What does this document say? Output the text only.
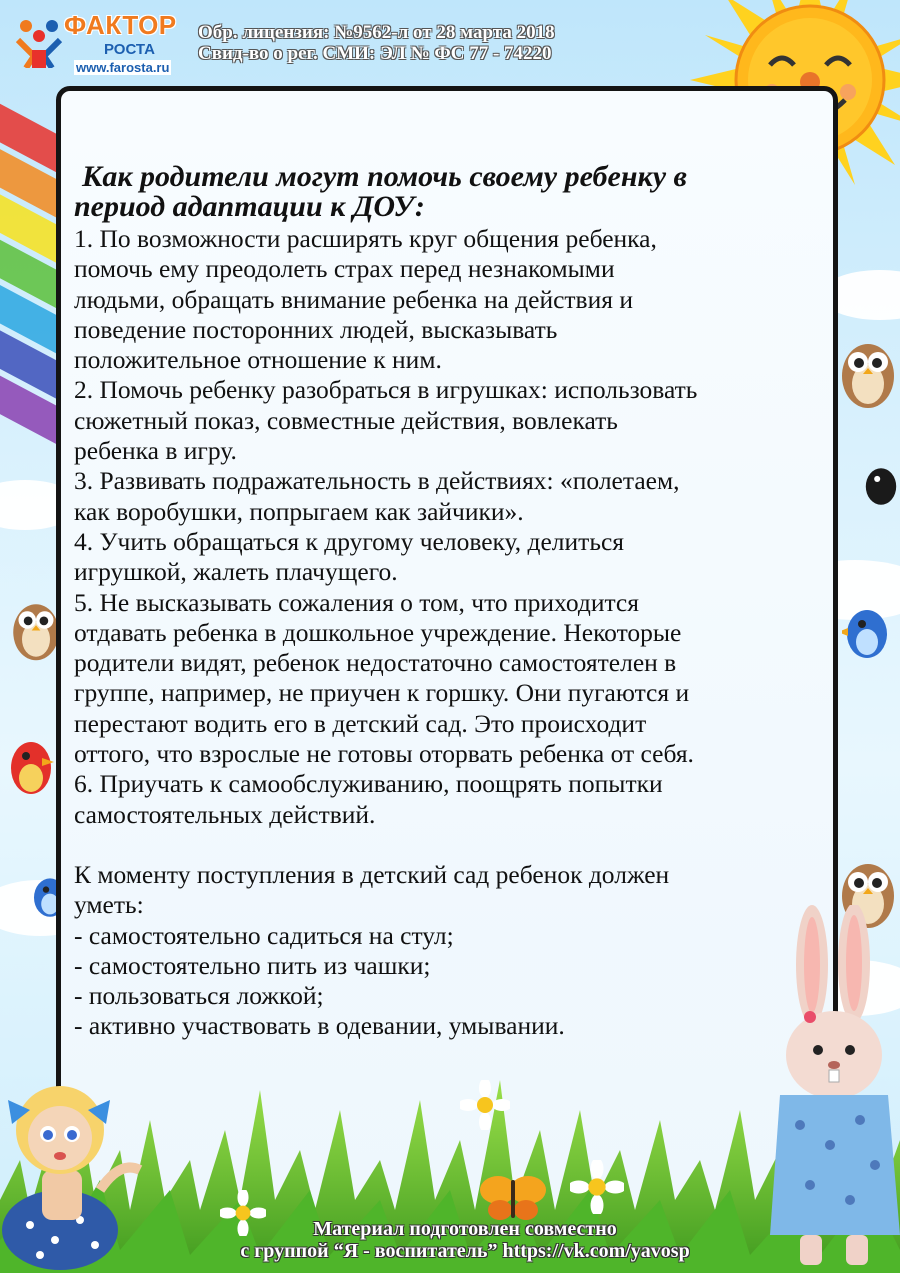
ФАКТОР
РОСТА
www.farosta.ru
Обр. лицензия: №9562-л от 28 марта 2018
Свид-во о рег. СМИ: ЭЛ № ФС 77 - 74220
Как родители могут помочь своему ребенку в
период адаптации к ДОУ:

1. По возможности расширять круг общения ребенка,

помочь ему преодолеть страх перед незнакомыми

людьми, обращать внимание ребенка на действия и

поведение посторонних людей, высказывать

положительное отношение к ним.

2. Помочь ребенку разобраться в игрушках: использовать

сюжетный показ, совместные действия, вовлекать

ребенка в игру.

3. Развивать подражательность в действиях: «полетаем,

как воробушки, попрыгаем как зайчики».

4. Учить обращаться к другому человеку, делиться

игрушкой, жалеть плачущего.

5. Не высказывать сожаления о том, что приходится

отдавать ребенка в дошкольное учреждение. Некоторые

родители видят, ребенок недостаточно самостоятелен в

группе, например, не приучен к горшку. Они пугаются и

перестают водить его в детский сад. Это происходит

оттого, что взрослые не готовы оторвать ребенка от себя.

6. Приучать к самообслуживанию, поощрять попытки

самостоятельных действий.

К моменту поступления в детский сад ребенок должен

уметь:

- самостоятельно садиться на стул;

- самостоятельно пить из чашки;

- пользоваться ложкой;

- активно участвовать в одевании, умывании.

Материал подготовлен совместно
с группой “Я - воспитатель” https://vk.com/yavosp
